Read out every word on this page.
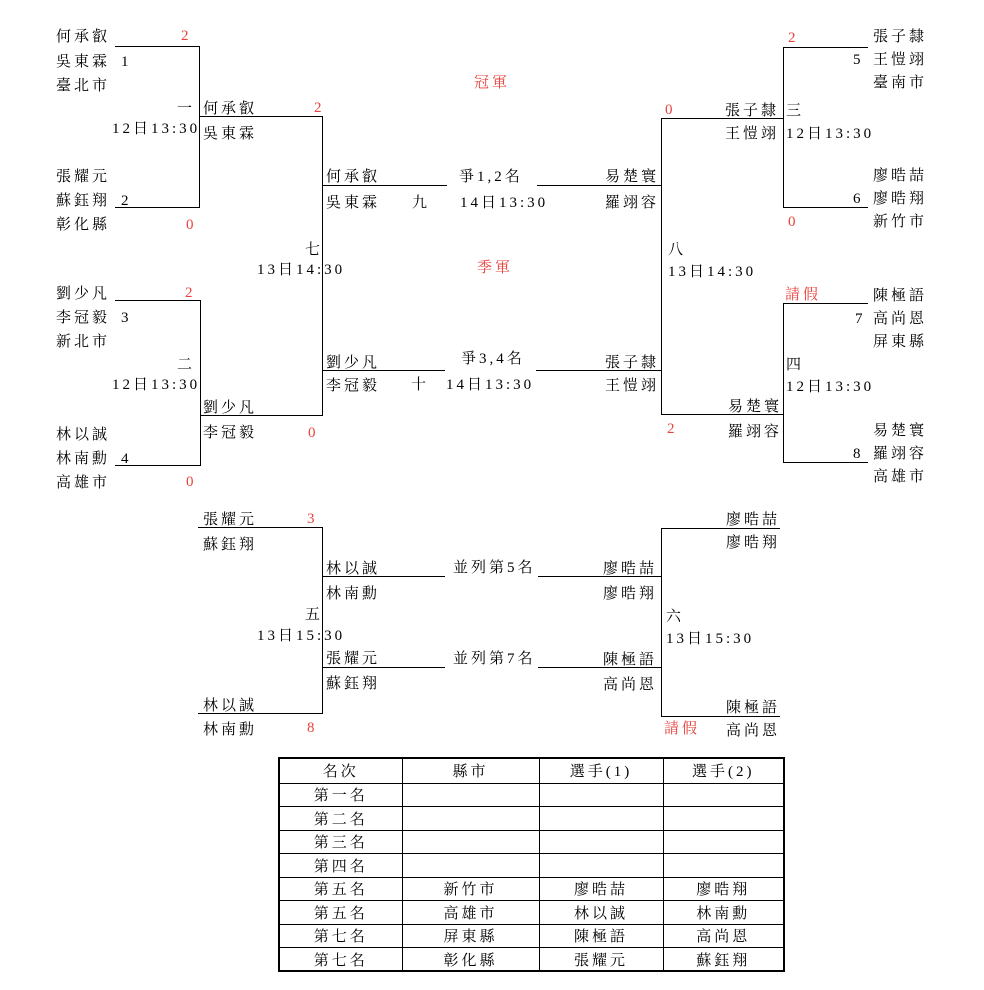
何承叡	2
吳東霖 1
臺北市
張耀元
蘇鈺翔 2
彰化縣	0
劉少凡	2
李冠毅 3
新北市
林以誠
林南勳 4
高雄市	0
一
12日13:30
何承叡	2
吳東霖
二
12日13:30
劉少凡
李冠毅	0
七
13日14:30
冠軍
何承叡
吳東霖 九
爭1,2名
14日13:30
易楚寰
羅翊容
季軍
劉少凡
李冠毅 十
爭3,4名
14日13:30
張子隸
王愷翊
0
2
八
13日14:30
張子隸
王愷翊
三
12日13:30
四
12日13:30
易楚寰
羅翊容
張子隸
2
5 王愷翊
臺南市
廖晧喆
6 廖晧翔
新竹市
0
請假	陳極語
7 高尚恩
屏東縣
易楚寰
8 羅翊容
高雄市
張耀元	3
蘇鈺翔
五
13日15:30
林以誠
林南勳	8
林以誠
林南勳
並列第5名
張耀元
蘇鈺翔
並列第7名
廖晧喆
廖晧翔
陳極語
高尚恩
六
13日15:30
廖晧喆
廖晧翔
陳極語
高尚恩
請假
名次	縣市	選手(1)	選手(2)
第一名			
第二名			
第三名			
第四名			
第五名	新竹市	廖晧喆	廖晧翔
第五名	高雄市	林以誠	林南勳
第七名	屏東縣	陳極語	高尚恩
第七名	彰化縣	張耀元	蘇鈺翔
